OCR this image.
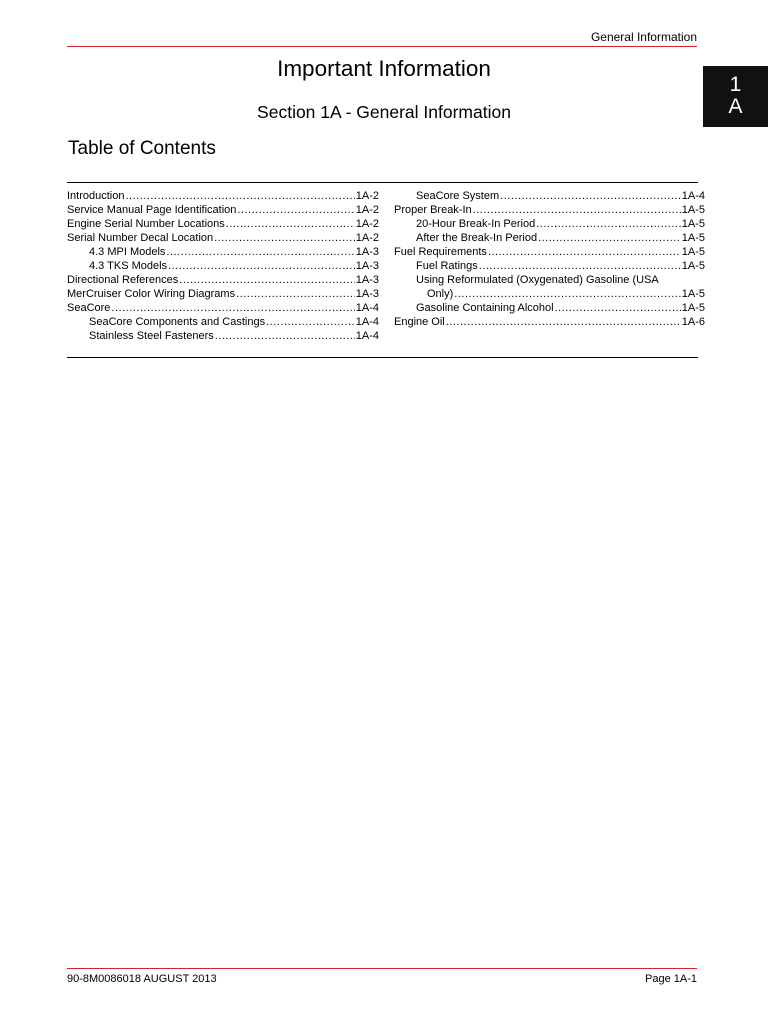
General Information
1
A
Important Information
Section 1A - General Information
Table of Contents
Introduction .....	1A-2
Service Manual Page Identification .....	1A-2
Engine Serial Number Locations .....	1A-2
Serial Number Decal Location .....	1A-2
4.3 MPI Models .....	1A-3
4.3 TKS Models .....	1A-3
Directional References .....	1A-3
MerCruiser Color Wiring Diagrams .....	1A-3
SeaCore .....	1A-4
SeaCore Components and Castings .....	1A-4
Stainless Steel Fasteners .....	1A-4
SeaCore System .....	1A-4
Proper Break-In .....	1A-5
20-Hour Break-In Period .....	1A-5
After the Break-In Period .....	1A-5
Fuel Requirements .....	1A-5
Fuel Ratings .....	1A-5
Using Reformulated (Oxygenated) Gasoline (USA
Only) .....	1A-5
Gasoline Containing Alcohol .....	1A-5
Engine Oil .....	1A-6
90-8M0086018 AUGUST 2013	Page 1A-1
